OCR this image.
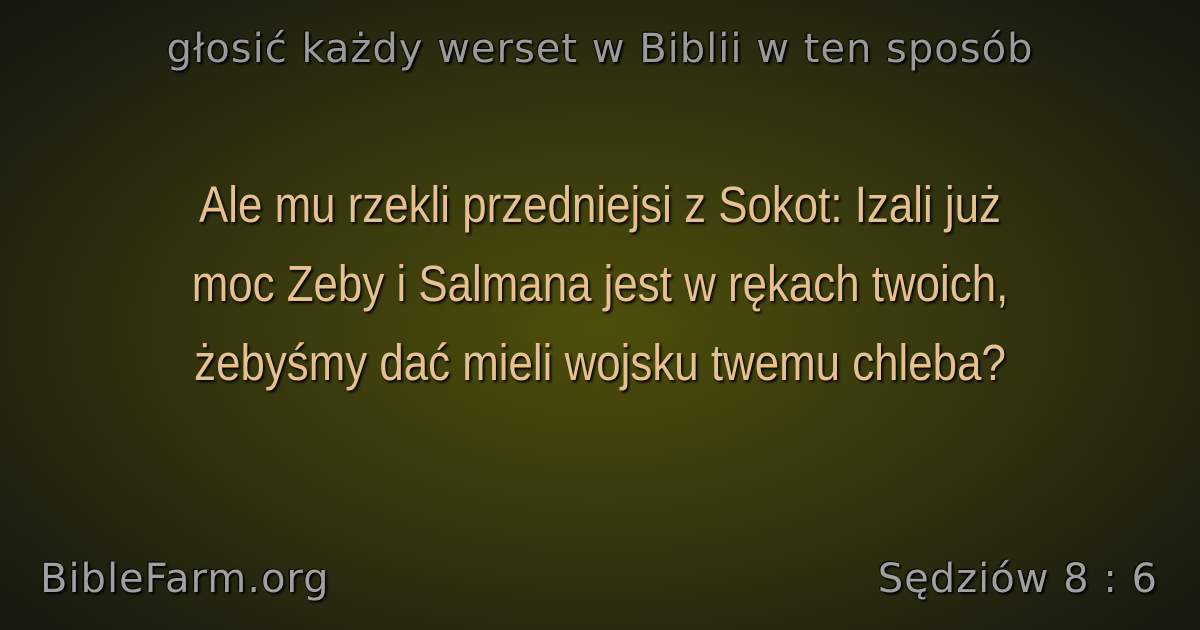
głosić każdy werset w Biblii w ten sposób
Ale mu rzekli przedniejsi z Sokot: Izali już
moc Zeby i Salmana jest w rękach twoich,
żebyśmy dać mieli wojsku twemu chleba?
BibleFarm.org	Sędziów 8 : 6
